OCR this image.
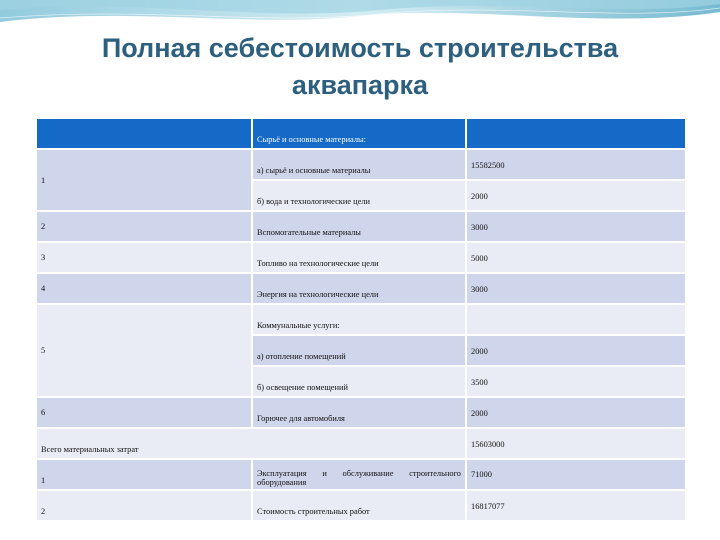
Полная себестоимость строительства
аквапарка
	Сырьё и основные материалы:	
1	а) сырьё и основные материалы	15582500
	б) вода и технологические цели	2000
2	Вспомогательные материалы	3000
3	Топливо на технологические цели	5000
4	Энергия на технологические цели	3000
5	Коммунальные услуги:	
	а) отопление помещений	2000
	б) освещение помещений	3500
6	Горючее для автомобиля	2000
Всего материальных затрат		15603000
1	Эксплуатация и обслуживание строительного оборудования	71000
2	Стоимость строительных работ	16817077
